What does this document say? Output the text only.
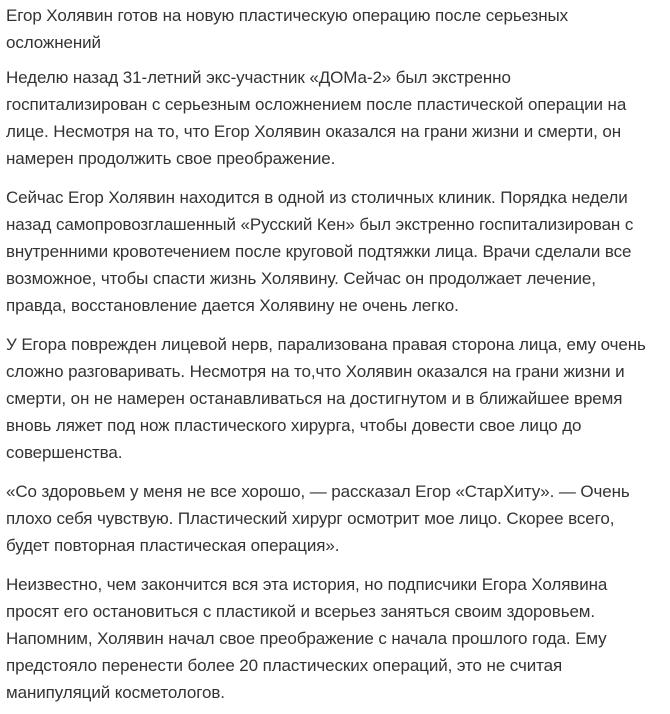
Егор Холявин готов на новую пластическую операцию после серьезных осложнений

Неделю назад 31-летний экс-участник «ДОМа-2» был экстренно госпитализирован с серьезным осложнением после пластической операции на лице. Несмотря на то, что Егор Холявин оказался на грани жизни и смерти, он намерен продолжить свое преображение.

Сейчас Егор Холявин находится в одной из столичных клиник. Порядка недели назад самопровозглашенный «Русский Кен» был экстренно госпитализирован с внутренними кровотечением после круговой подтяжки лица. Врачи сделали все возможное, чтобы спасти жизнь Холявину. Сейчас он продолжает лечение, правда, восстановление дается Холявину не очень легко.

У Егора поврежден лицевой нерв, парализована правая сторона лица, ему очень сложно разговаривать. Несмотря на то,что Холявин оказался на грани жизни и смерти, он не намерен останавливаться на достигнутом и в ближайшее время вновь ляжет под нож пластического хирурга, чтобы довести свое лицо до совершенства.

«Со здоровьем у меня не все хорошо, — рассказал Егор «СтарХиту». — Очень плохо себя чувствую. Пластический хирург осмотрит мое лицо. Скорее всего, будет повторная пластическая операция».

Неизвестно, чем закончится вся эта история, но подписчики Егора Холявина просят его остановиться с пластикой и всерьез заняться своим здоровьем. Напомним, Холявин начал свое преображение с начала прошлого года. Ему предстояло перенести более 20 пластических операций, это не считая манипуляций косметологов.
